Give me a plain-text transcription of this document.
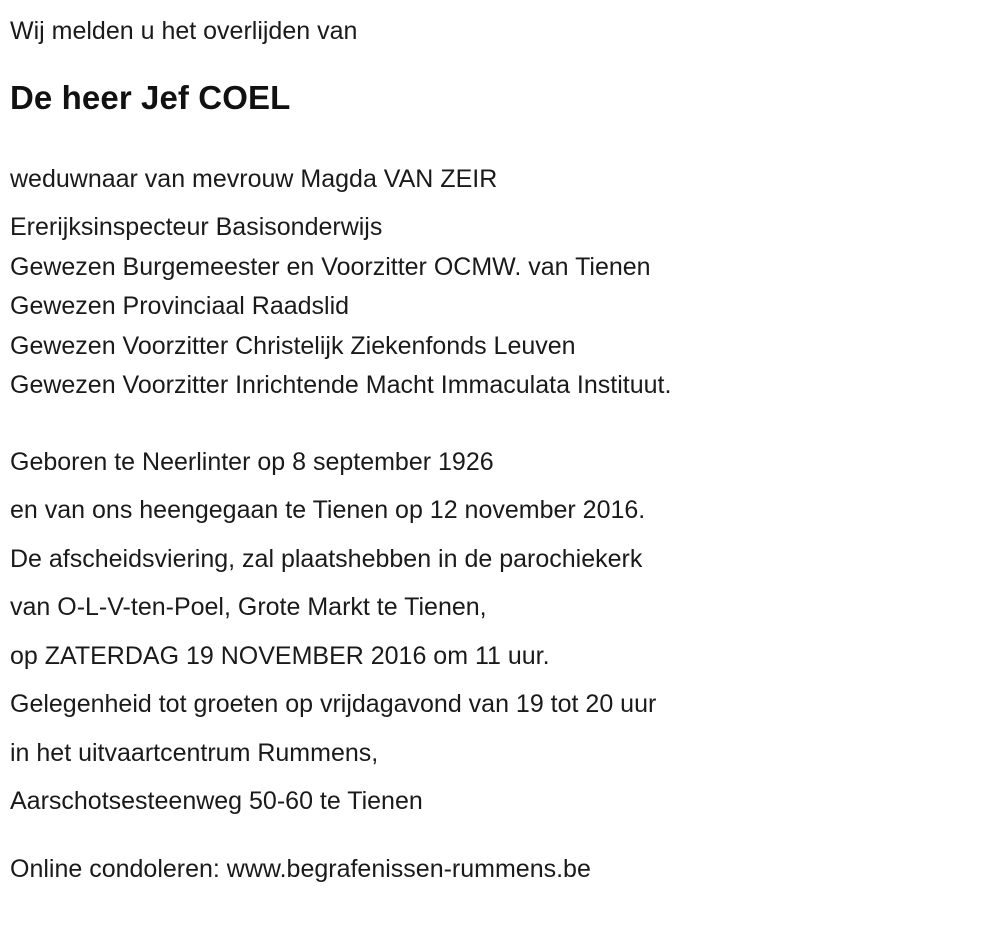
Wij melden u het overlijden van

De heer Jef COEL

weduwnaar van mevrouw Magda VAN ZEIR

Ererijksinspecteur Basisonderwijs
Gewezen Burgemeester en Voorzitter OCMW. van Tienen
Gewezen Provinciaal Raadslid
Gewezen Voorzitter Christelijk Ziekenfonds Leuven
Gewezen Voorzitter Inrichtende Macht Immaculata Instituut.
Geboren te Neerlinter op 8 september 1926
en van ons heengegaan te Tienen op 12 november 2016.
De afscheidsviering, zal plaatshebben in de parochiekerk
van O-L-V-ten-Poel, Grote Markt te Tienen,
op ZATERDAG 19 NOVEMBER 2016 om 11 uur.
Gelegenheid tot groeten op vrijdagavond van 19 tot 20 uur
in het uitvaartcentrum Rummens,
Aarschotsesteenweg 50-60 te Tienen

Online condoleren: www.begrafenissen-rummens.be
